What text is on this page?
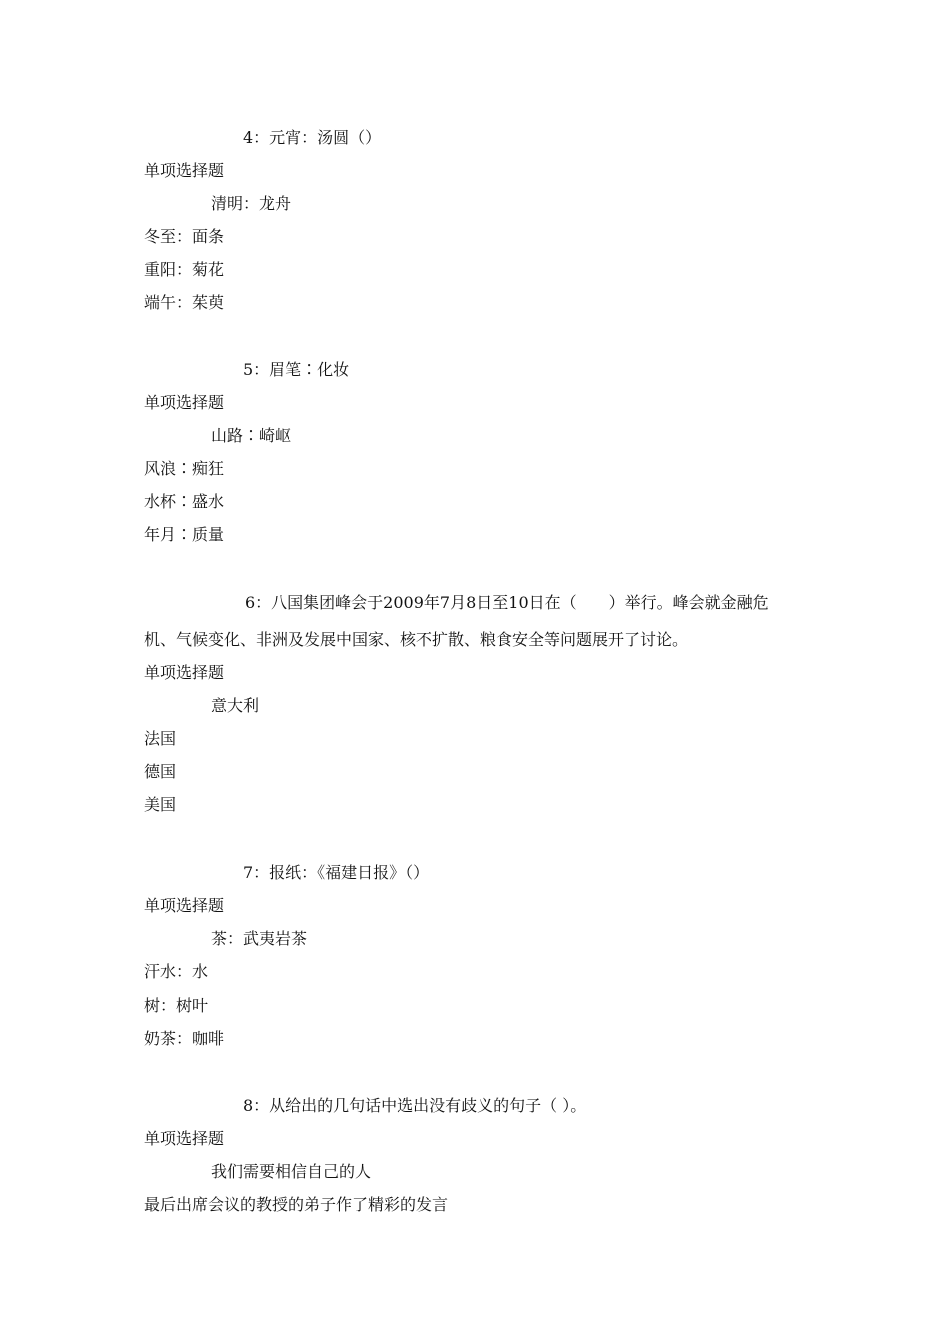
4：元宵：汤圆（）
单项选择题
清明：龙舟
冬至：面条
重阳：菊花
端午：茱萸
5：眉笔∶化妆
单项选择题
山路∶崎岖
风浪∶痴狂
水杯∶盛水
年月∶质量
6：八国集团峰会于2009年7月8日至10日在（　　）举行。峰会就金融危
机、气候变化、非洲及发展中国家、核不扩散、粮食安全等问题展开了讨论。
单项选择题
意大利
法国
德国
美国
7：报纸：《福建日报》（）
单项选择题
茶：武夷岩茶
汗水：水
树：树叶
奶茶：咖啡
8：从给出的几句话中选出没有歧义的句子（ ）。
单项选择题
我们需要相信自己的人
最后出席会议的教授的弟子作了精彩的发言
